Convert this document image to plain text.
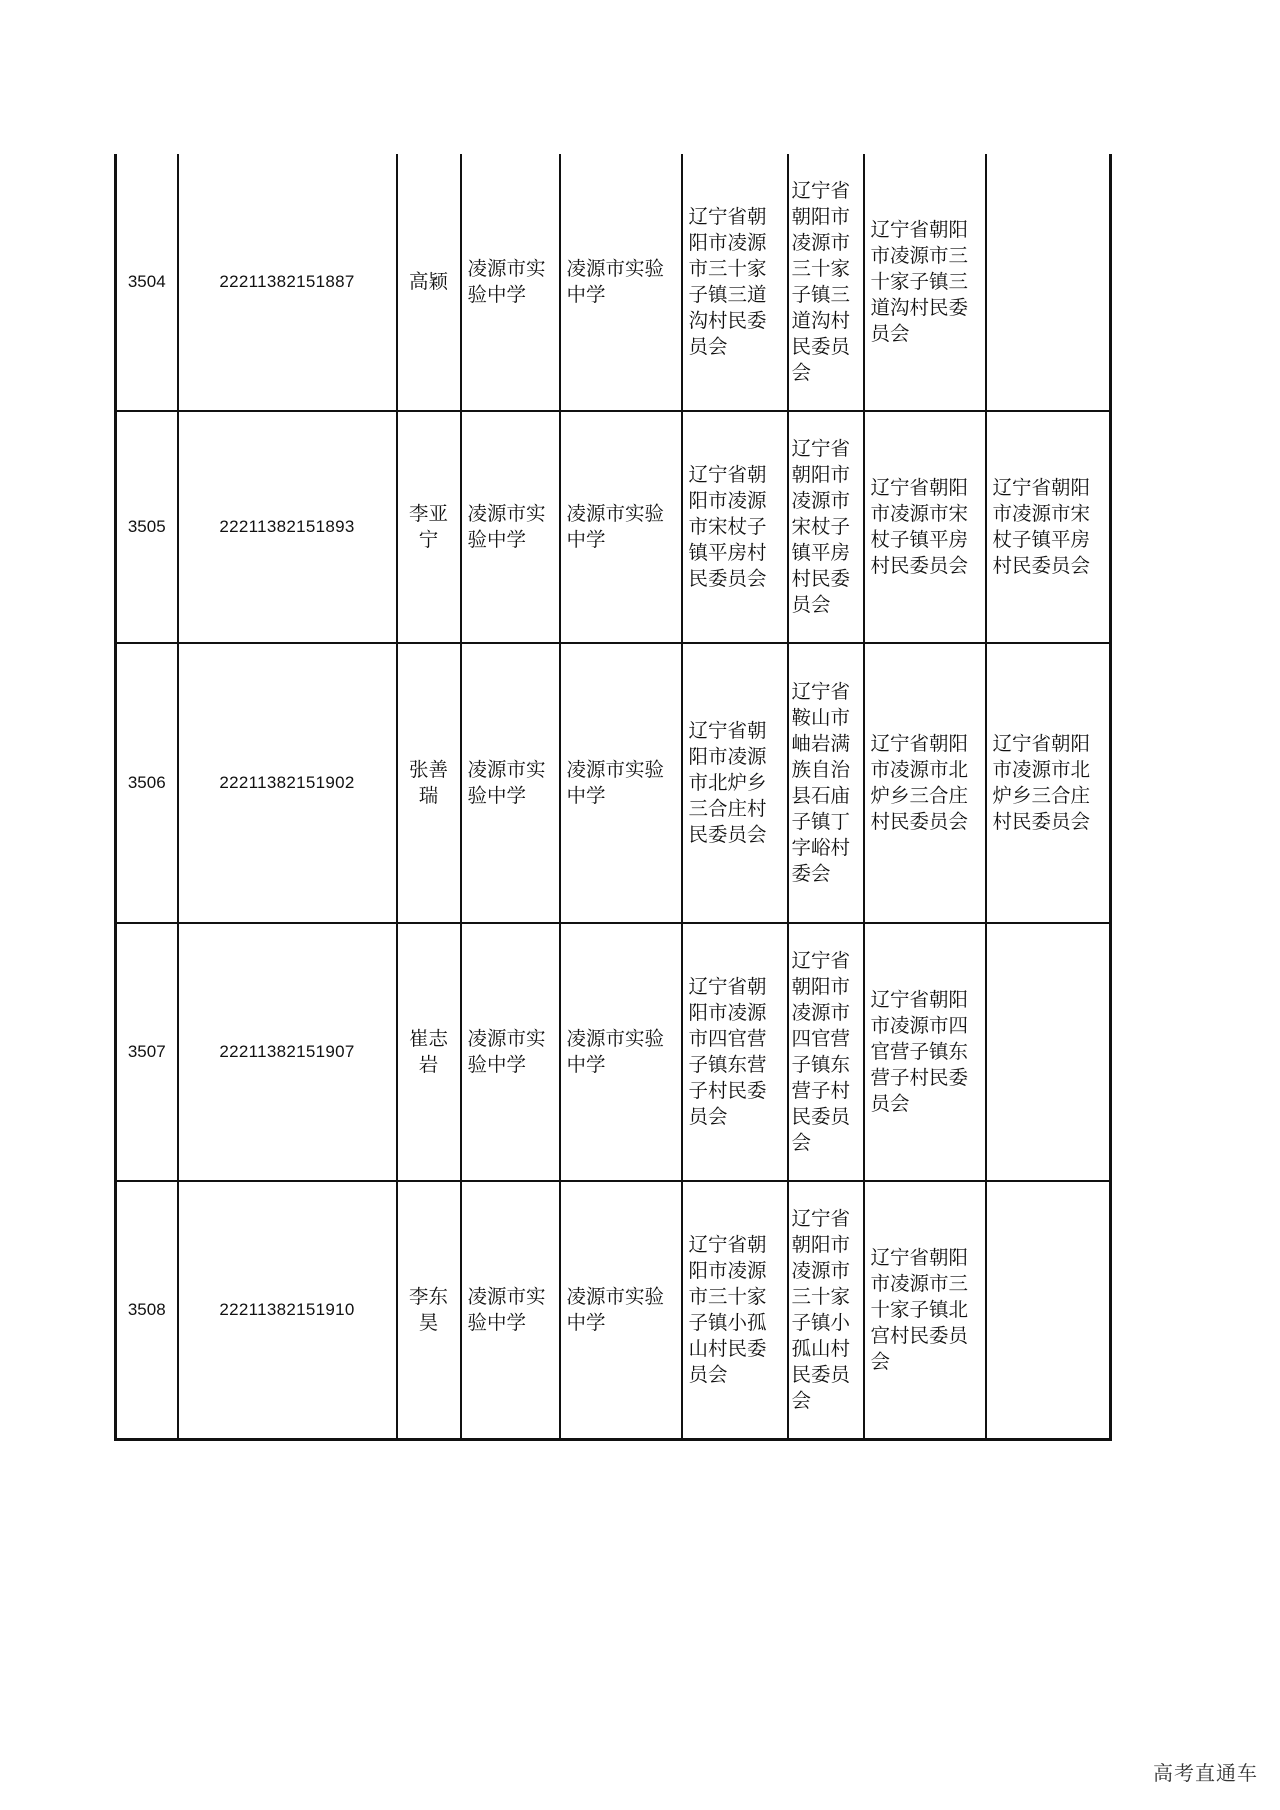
3504	22211382151887	高颖	凌源市实验中学	凌源市实验中学	辽宁省朝阳市凌源市三十家子镇三道沟村民委员会	辽宁省朝阳市凌源市三十家子镇三道沟村民委员会	辽宁省朝阳市凌源市三十家子镇三道沟村民委员会	
3505	22211382151893	李亚宁	凌源市实验中学	凌源市实验中学	辽宁省朝阳市凌源市宋杖子镇平房村民委员会	辽宁省朝阳市凌源市宋杖子镇平房村民委员会	辽宁省朝阳市凌源市宋杖子镇平房村民委员会	辽宁省朝阳市凌源市宋杖子镇平房村民委员会
3506	22211382151902	张善瑞	凌源市实验中学	凌源市实验中学	辽宁省朝阳市凌源市北炉乡三合庄村民委员会	辽宁省鞍山市岫岩满族自治县石庙子镇丁字峪村委会	辽宁省朝阳市凌源市北炉乡三合庄村民委员会	辽宁省朝阳市凌源市北炉乡三合庄村民委员会
3507	22211382151907	崔志岩	凌源市实验中学	凌源市实验中学	辽宁省朝阳市凌源市四官营子镇东营子村民委员会	辽宁省朝阳市凌源市四官营子镇东营子村民委员会	辽宁省朝阳市凌源市四官营子镇东营子村民委员会	
3508	22211382151910	李东昊	凌源市实验中学	凌源市实验中学	辽宁省朝阳市凌源市三十家子镇小孤山村民委员会	辽宁省朝阳市凌源市三十家子镇小孤山村民委员会	辽宁省朝阳市凌源市三十家子镇北宫村民委员会	
高考直通车
